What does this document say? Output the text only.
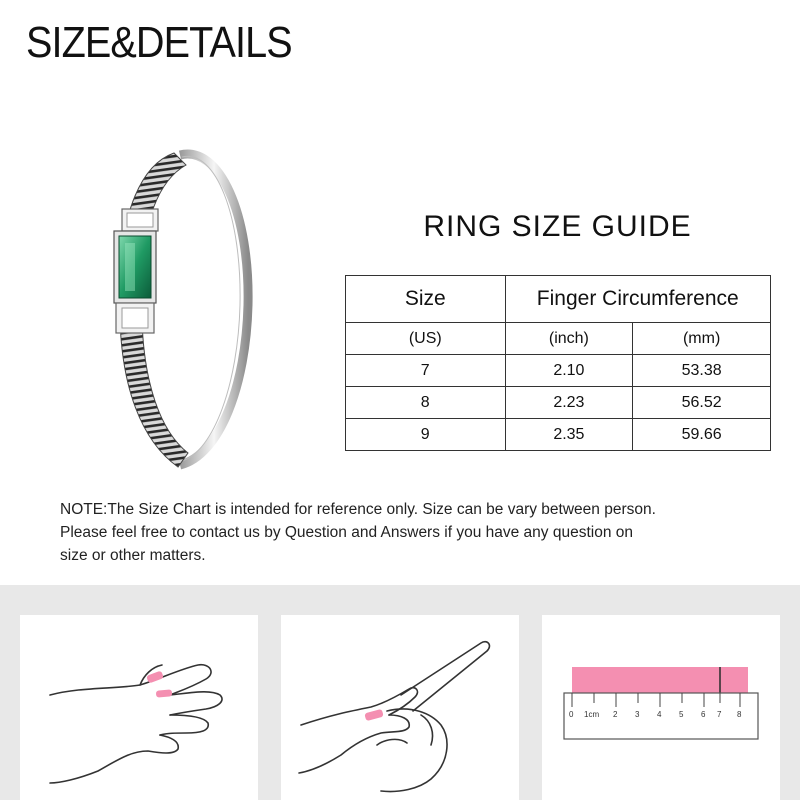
SIZE&DETAILS
RING SIZE GUIDE
Size	Finger Circumference	
(US)	(inch)	(mm)
7	2.10	53.38
8	2.23	56.52
9	2.35	59.66
NOTE:The Size Chart is intended for reference only. Size can be vary between person.
Please feel free to contact us by Question and Answers if you have any question on
size or other matters.
0 1cm 2 3 4 5 6 7 8
